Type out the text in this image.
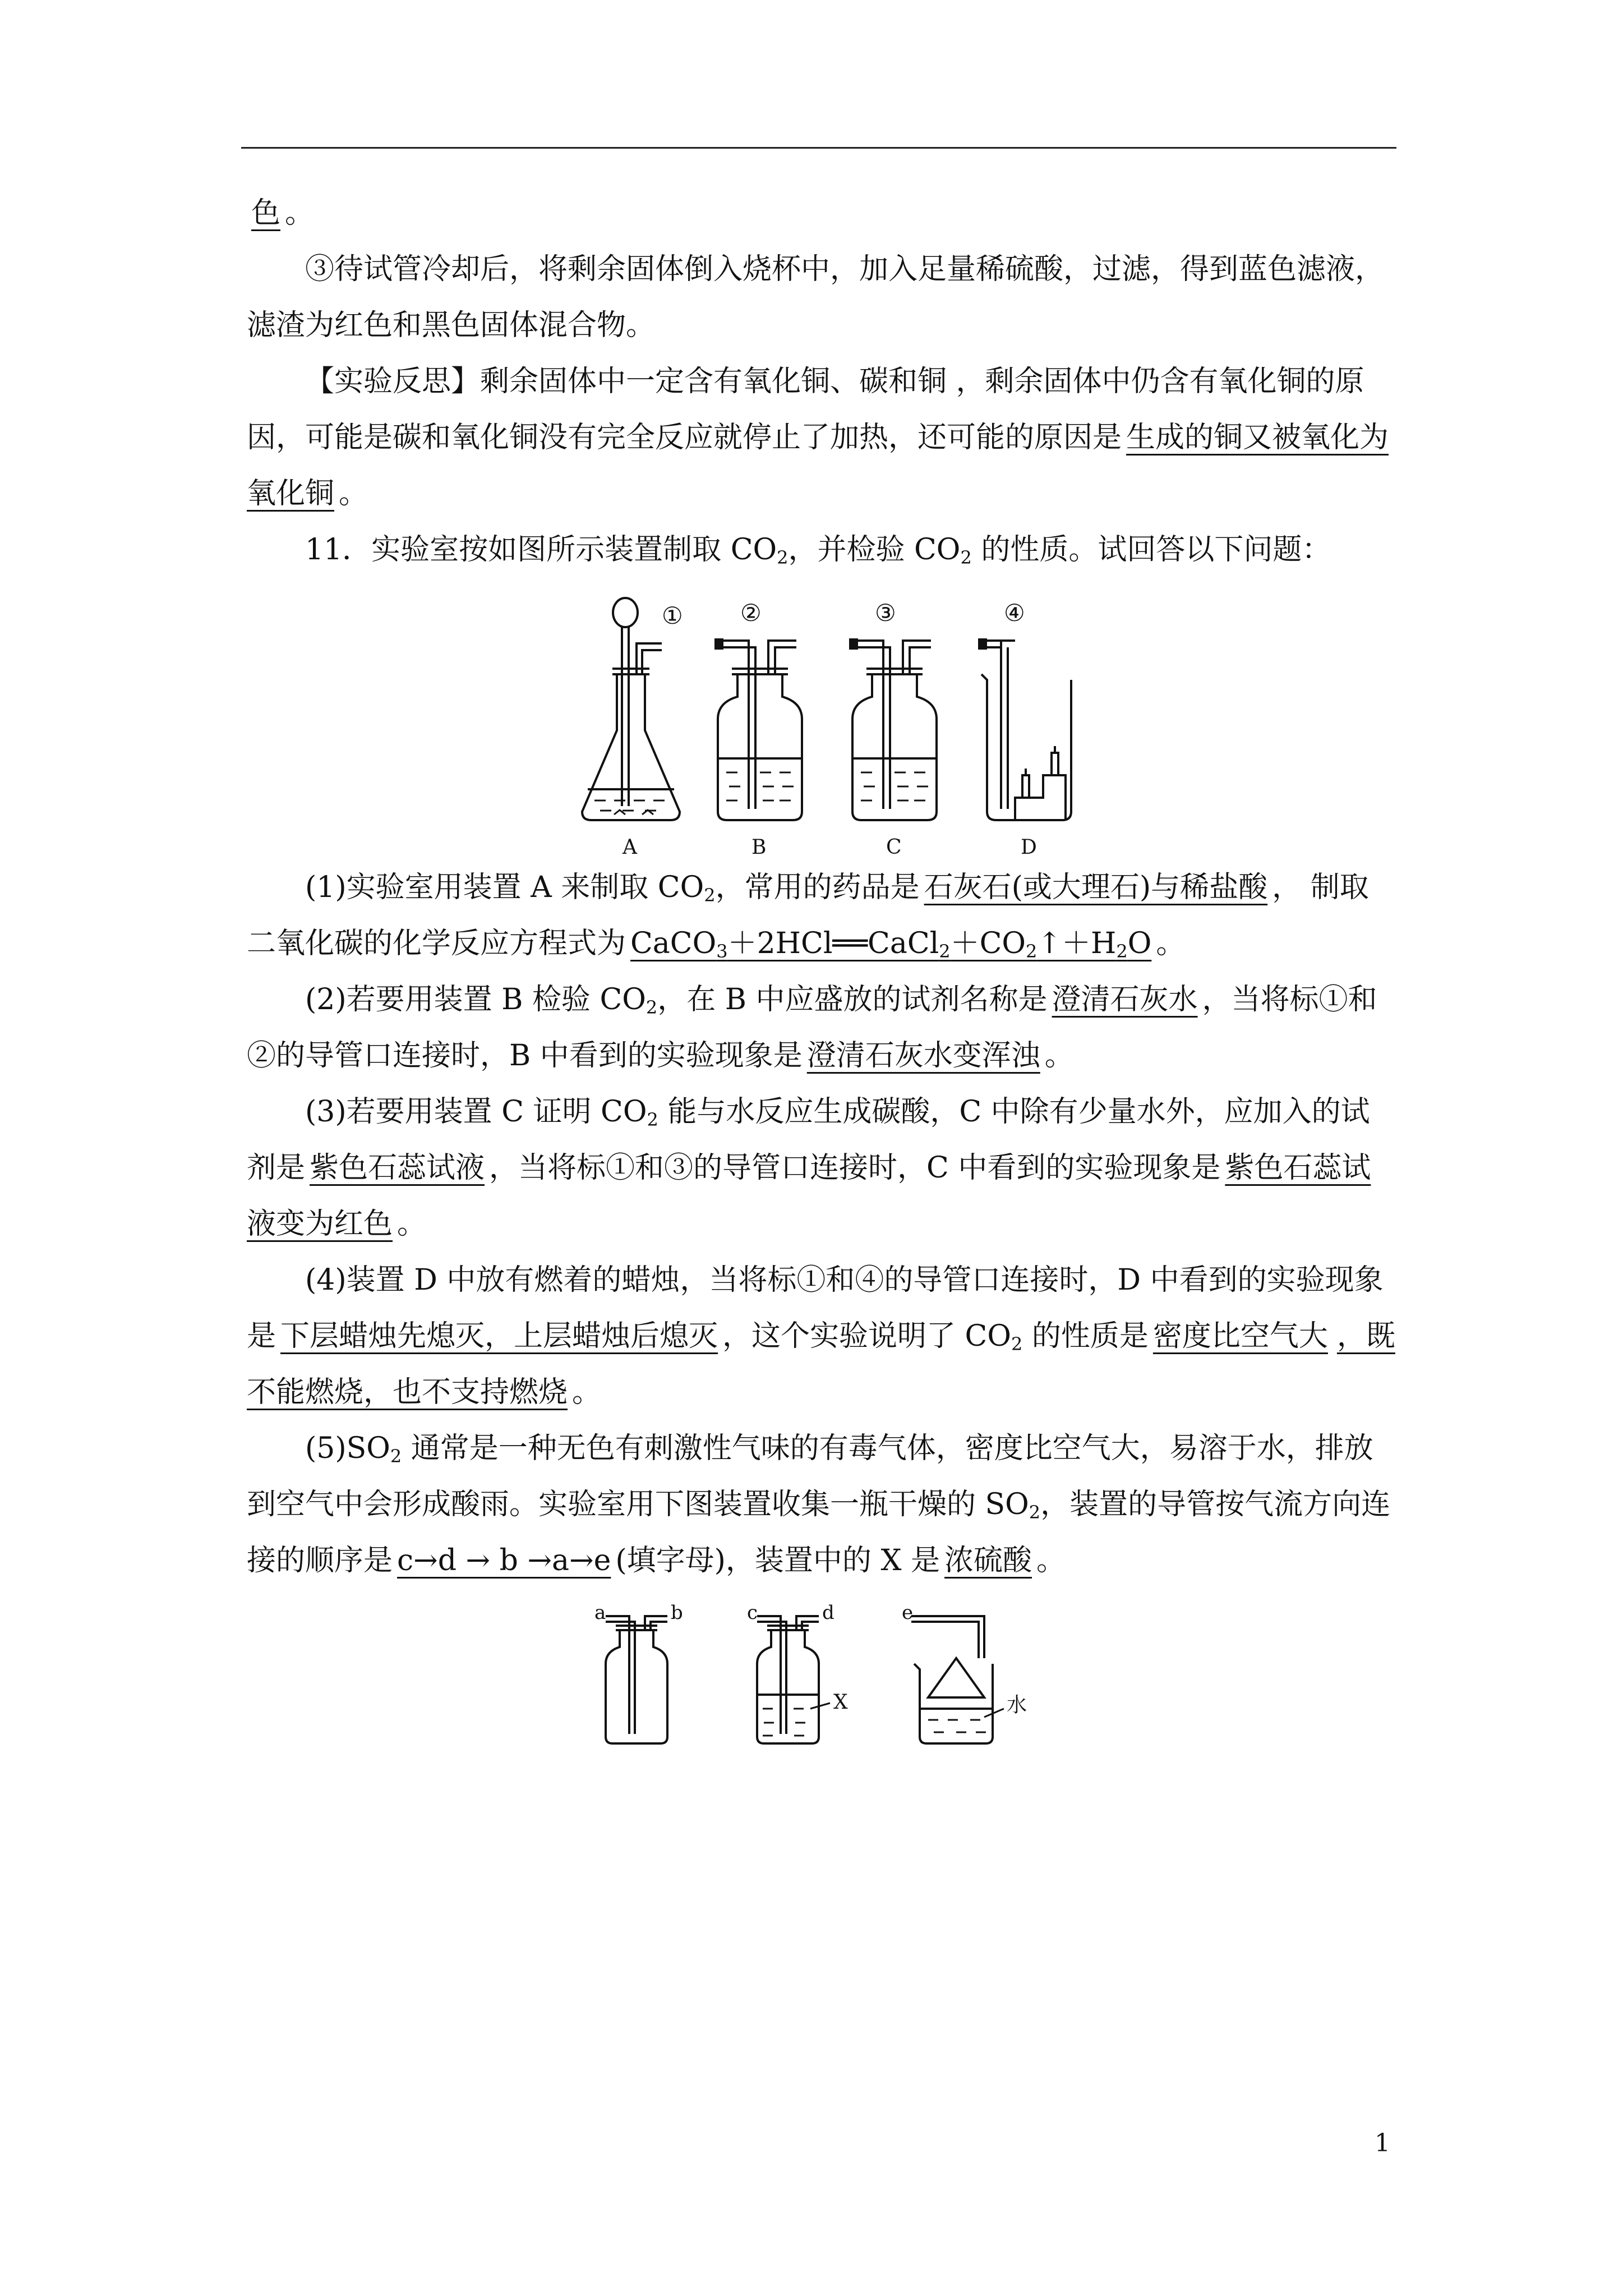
色 。

③待试管冷却后，将剩余固体倒入烧杯中，加入足量稀硫酸，过滤，得到蓝色滤液，滤渣为红色和黑色固体混合物。

【实验反思】剩余固体中一定含有氧化铜、碳和铜 ，剩余固体中仍含有氧化铜的原因，可能是碳和氧化铜没有完全反应就停止了加热，还可能的原因是 生成的铜又被氧化为氧化铜 。

11．实验室按如图所示装置制取 $CO_2$，并检验 $CO_2$ 的性质。试回答以下问题：

①
A
②
B
③
C
④
D

(1)实验室用装置 A 来制取 $CO_2$，常用的药品是 石灰石(或大理石)与稀盐酸 ， 制取二氧化碳的化学反应方程式为 $CaCO_3+2HCl══CaCl_2+CO_2↑+H_2O$ 。

(2)若要用装置 B 检验 $CO_2$，在 B 中应盛放的试剂名称是 澄清石灰水 ，当将标①和②的导管口连接时，B 中看到的实验现象是 澄清石灰水变浑浊 。

(3)若要用装置 C 证明 $CO_2$ 能与水反应生成碳酸，C 中除有少量水外，应加入的试剂是 紫色石蕊试液 ，当将标①和③的导管口连接时，C 中看到的实验现象是 紫色石蕊试液变为红色 。

(4)装置 D 中放有燃着的蜡烛，当将标①和④的导管口连接时，D 中看到的实验现象是 下层蜡烛先熄灭，上层蜡烛后熄灭 ，这个实验说明了 $CO_2$ 的性质是 密度比空气大 ，既不能燃烧，也不支持燃烧 。

$(5)SO_2$ 通常是一种无色有刺激性气味的有毒气体，密度比空气大，易溶于水，排放到空气中会形成酸雨。实验室用下图装置收集一瓶干燥的 $SO_2$，装置的导管按气流方向连接的顺序是 c→d → b →a→e (填字母)，装置中的 X 是 浓硫酸 。

a	b	c	d
X
e
水
1
